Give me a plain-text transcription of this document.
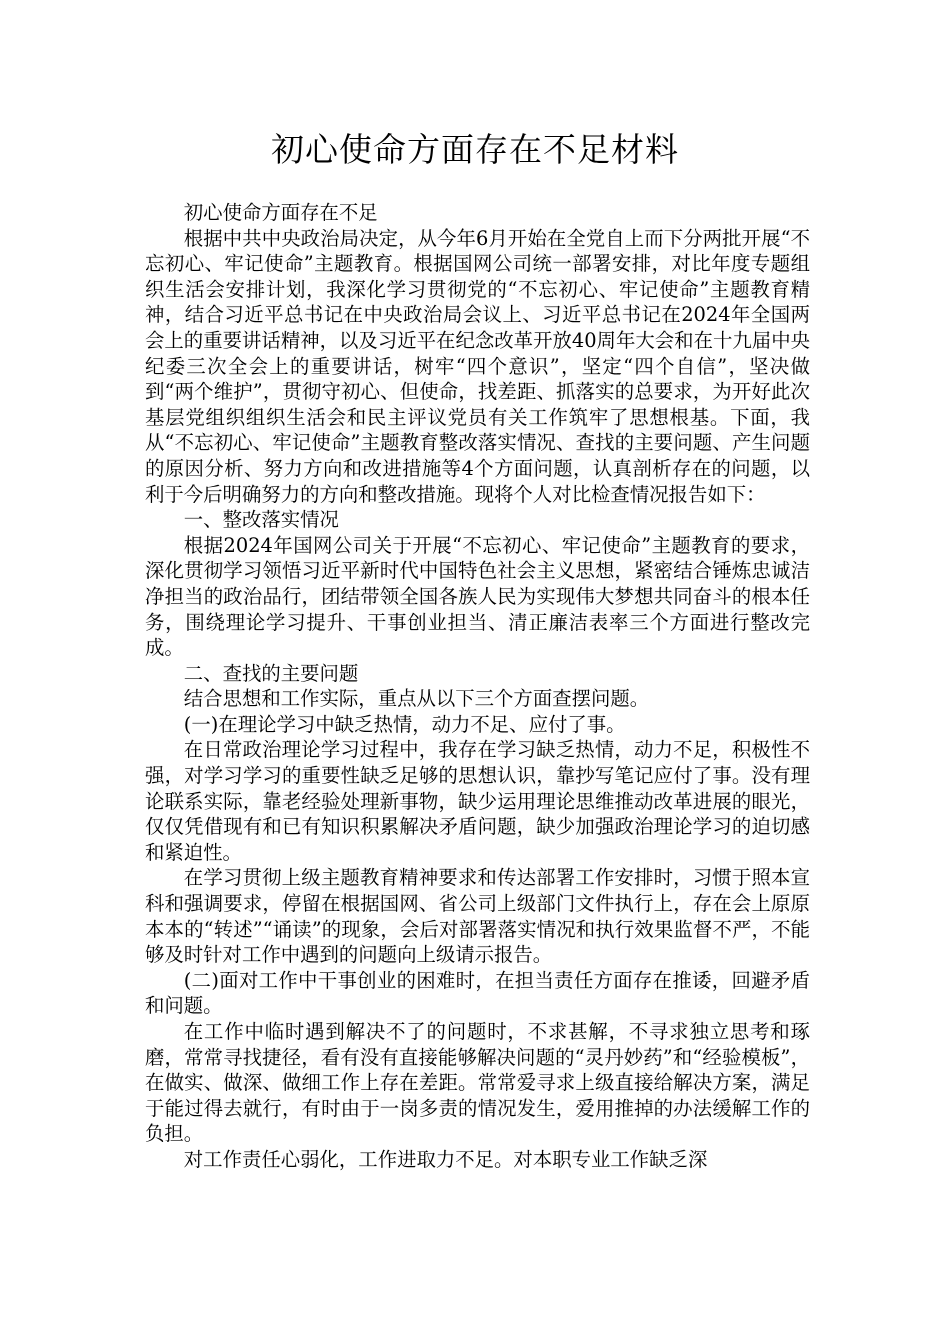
初心使命方面存在不足材料

初心使命方面存在不足

根据中共中央政治局决定，从今年6月开始在全党自上而下分两批开展“不忘初心、牢记使命”主题教育。根据国网公司统一部署安排，对比年度专题组织生活会安排计划，我深化学习贯彻党的“不忘初心、牢记使命”主题教育精神，结合习近平总书记在中央政治局会议上、习近平总书记在2024年全国两会上的重要讲话精神，以及习近平在纪念改革开放40周年大会和在十九届中央纪委三次全会上的重要讲话，树牢“四个意识”，坚定“四个自信”，坚决做到“两个维护”，贯彻守初心、但使命，找差距、抓落实的总要求，为开好此次基层党组织组织生活会和民主评议党员有关工作筑牢了思想根基。下面，我从“不忘初心、牢记使命”主题教育整改落实情况、查找的主要问题、产生问题的原因分析、努力方向和改进措施等4个方面问题，认真剖析存在的问题，以利于今后明确努力的方向和整改措施。现将个人对比检查情况报告如下：

一、整改落实情况

根据2024年国网公司关于开展“不忘初心、牢记使命”主题教育的要求，深化贯彻学习领悟习近平新时代中国特色社会主义思想，紧密结合锤炼忠诚洁净担当的政治品行，团结带领全国各族人民为实现伟大梦想共同奋斗的根本任务，围绕理论学习提升、干事创业担当、清正廉洁表率三个方面进行整改完成。

二、查找的主要问题

结合思想和工作实际，重点从以下三个方面查摆问题。

(一)在理论学习中缺乏热情，动力不足、应付了事。

在日常政治理论学习过程中，我存在学习缺乏热情，动力不足，积极性不强，对学习学习的重要性缺乏足够的思想认识，靠抄写笔记应付了事。没有理论联系实际，靠老经验处理新事物，缺少运用理论思维推动改革进展的眼光，仅仅凭借现有和已有知识积累解决矛盾问题，缺少加强政治理论学习的迫切感和紧迫性。

在学习贯彻上级主题教育精神要求和传达部署工作安排时，习惯于照本宣科和强调要求，停留在根据国网、省公司上级部门文件执行上，存在会上原原本本的“转述”“诵读”的现象，会后对部署落实情况和执行效果监督不严，不能够及时针对工作中遇到的问题向上级请示报告。

(二)面对工作中干事创业的困难时，在担当责任方面存在推诿，回避矛盾和问题。

在工作中临时遇到解决不了的问题时，不求甚解，不寻求独立思考和琢磨，常常寻找捷径，看有没有直接能够解决问题的“灵丹妙药”和“经验模板”，在做实、做深、做细工作上存在差距。常常爱寻求上级直接给解决方案，满足于能过得去就行，有时由于一岗多责的情况发生，爱用推掉的办法缓解工作的负担。

对工作责任心弱化，工作进取力不足。对本职专业工作缺乏深
